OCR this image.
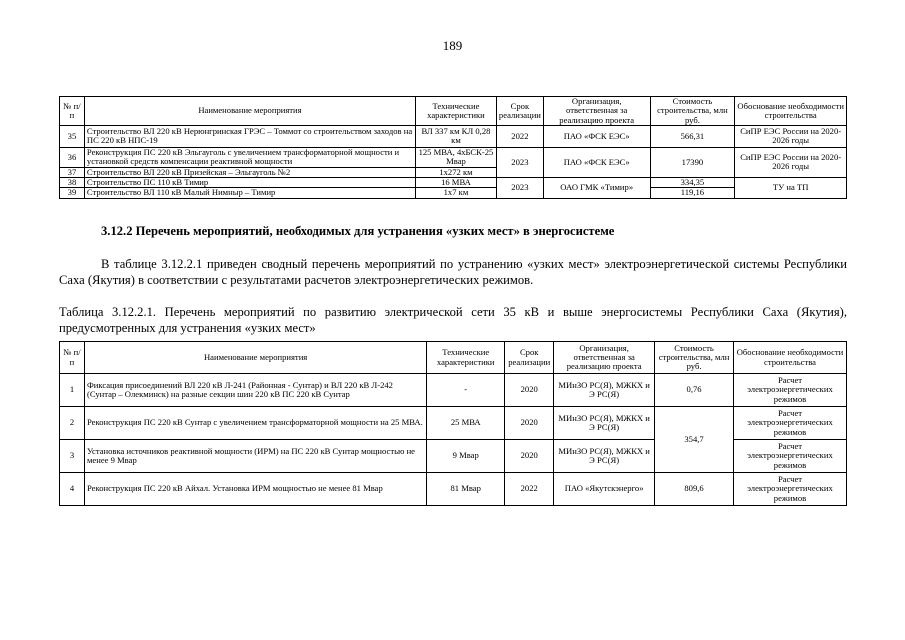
189
№ п/п	Наименование мероприятия	Технические характеристики	Срок реализации	Организация, ответственная за реализацию проекта	Стоимость строительства, млн руб.	Обоснование необходимости строительства
35	Строительство ВЛ 220 кВ Нерюнгринская ГРЭС – Томмот со строительством заходов на ПС 220 кВ НПС-19	ВЛ 337 км КЛ 0,28 км	2022	ПАО «ФСК ЕЭС»	566,31	СиПР ЕЭС России на 2020-2026 годы
36	Реконструкция ПС 220 кВ Эльгауголь с увеличением трансформаторной мощности и установкой средств компенсации реактивной мощности	125 МВА, 4хБСК-25 Мвар	2023	ПАО «ФСК ЕЭС»	17390	СиПР ЕЭС России на 2020-2026 годы
37	Строительство ВЛ 220 кВ Призейская – Эльгауголь №2	1х272 км				
38	Строительство ПС 110 кВ Тимир	16 МВА	2023	ОАО ГМК «Тимир»	334,35	ТУ на ТП
39	Строительство ВЛ 110 кВ Малый Нимныр – Тимир	1х7 км			119,16	
3.12.2 Перечень мероприятий, необходимых для устранения «узких мест» в энергосистеме
В таблице 3.12.2.1 приведен сводный перечень мероприятий по устранению «узких мест» электроэнергетической системы Республики Саха (Якутия) в соответствии с результатами расчетов электроэнергетических режимов.
Таблица 3.12.2.1. Перечень мероприятий по развитию электрической сети 35 кВ и выше энергосистемы Республики Саха (Якутия), предусмотренных для устранения «узких мест»
№ п/п	Наименование мероприятия	Технические характеристики	Срок реализации	Организация, ответственная за реализацию проекта	Стоимость строительства, млн руб.	Обоснование необходимости строительства
1	Фиксация присоединений ВЛ 220 кВ Л-241 (Районная - Сунтар) и ВЛ 220 кВ Л-242 (Сунтар – Олекминск) на разные секции шин 220 кВ ПС 220 кВ Сунтар	-	2020	МИнЗО РС(Я), МЖКХ и Э РС(Я)	0,76	Расчет электроэнергетических режимов
2	Реконструкция ПС 220 кВ Сунтар с увеличением трансформаторной мощности на 25 МВА.	25 МВА	2020	МИнЗО РС(Я), МЖКХ и Э РС(Я)	354,7	Расчет электроэнергетических режимов
3	Установка источников реактивной мощности (ИРМ) на ПС 220 кВ Сунтар мощностью не менее 9 Мвар	9 Мвар	2020	МИнЗО РС(Я), МЖКХ и Э РС(Я)		Расчет электроэнергетических режимов
4	Реконструкция ПС 220 кВ Айхал. Установка ИРМ мощностью не менее 81 Мвар	81 Мвар	2022	ПАО «Якутскэнерго»	809,6	Расчет электроэнергетических режимов
